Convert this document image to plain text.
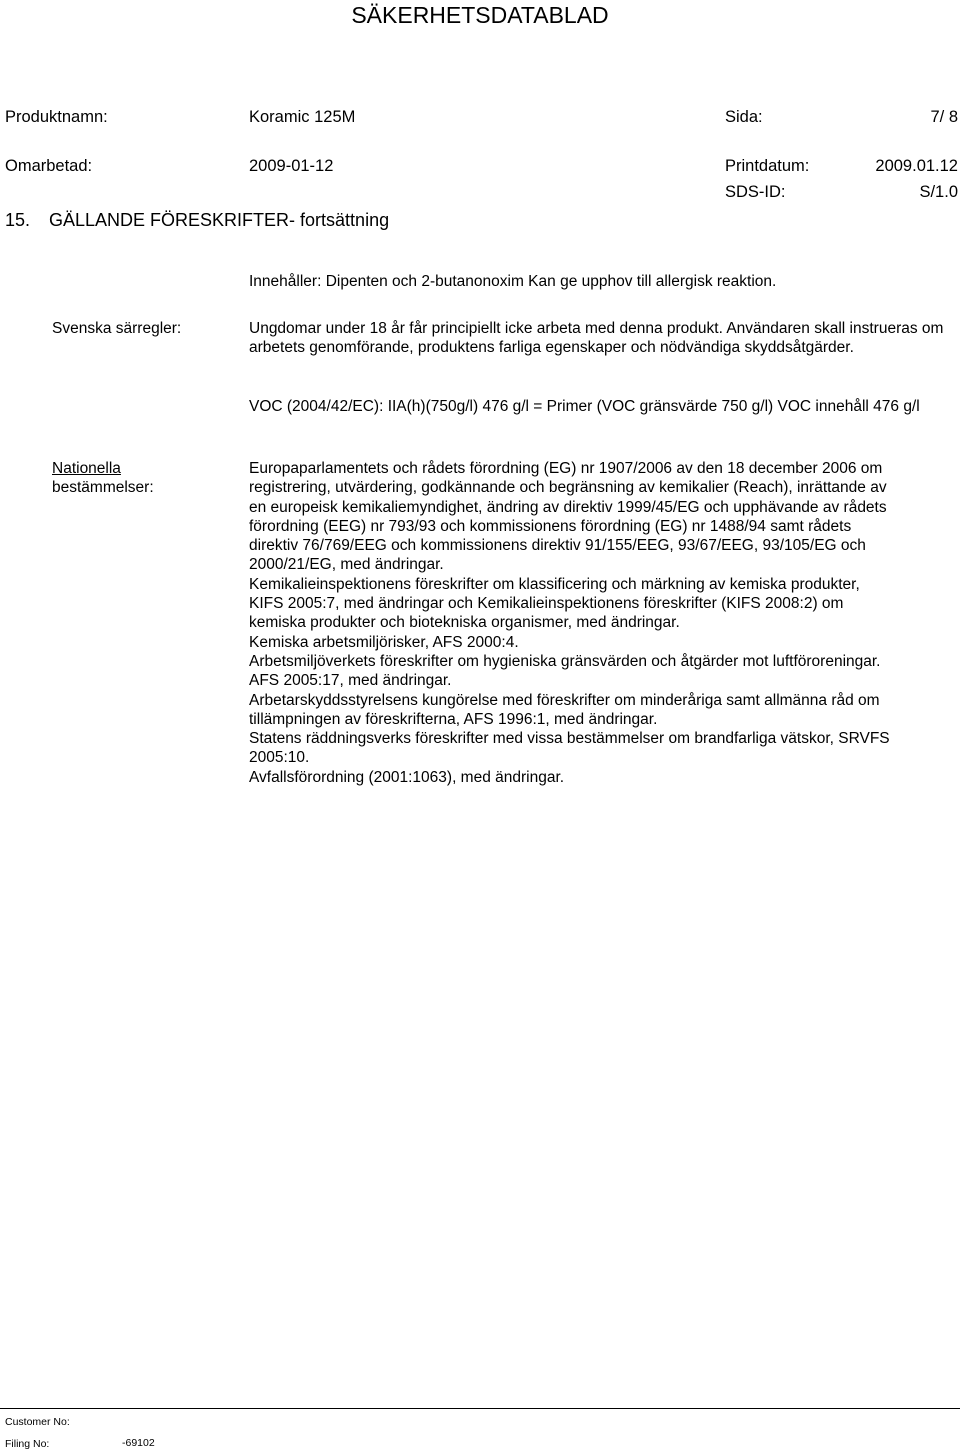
SÄKERHETSDATABLAD
Produktnamn:	Koramic 125M	Sida:	7/ 8
Omarbetad:	2009-01-12	Printdatum:	2009.01.12
SDS-ID:	S/1.0
15. GÄLLANDE FÖRESKRIFTER- fortsättning
Innehåller: Dipenten och 2-butanonoxim Kan ge upphov till allergisk reaktion.
Svenska särregler:	Ungdomar under 18 år får principiellt icke arbeta med denna produkt. Användaren skall instrueras om arbetets genomförande, produktens farliga egenskaper och nödvändiga skyddsåtgärder.
VOC (2004/42/EC): IIA(h)(750g/l) 476 g/l = Primer (VOC gränsvärde 750 g/l) VOC innehåll 476 g/l
Nationella
bestämmelser:
Europaparlamentets och rådets förordning (EG) nr 1907/2006 av den 18 december 2006 om
registrering, utvärdering, godkännande och begränsning av kemikalier (Reach), inrättande av
en europeisk kemikaliemyndighet, ändring av direktiv 1999/45/EG och upphävande av rådets
förordning (EEG) nr 793/93 och kommissionens förordning (EG) nr 1488/94 samt rådets
direktiv 76/769/EEG och kommissionens direktiv 91/155/EEG, 93/67/EEG, 93/105/EG och
2000/21/EG, med ändringar.
Kemikalieinspektionens föreskrifter om klassificering och märkning av kemiska produkter,
KIFS 2005:7, med ändringar och Kemikalieinspektionens föreskrifter (KIFS 2008:2) om
kemiska produkter och biotekniska organismer, med ändringar.
Kemiska arbetsmiljörisker, AFS 2000:4.
Arbetsmiljöverkets föreskrifter om hygieniska gränsvärden och åtgärder mot luftföroreningar.
AFS 2005:17, med ändringar.
Arbetarskyddsstyrelsens kungörelse med föreskrifter om minderåriga samt allmänna råd om
tillämpningen av föreskrifterna, AFS 1996:1, med ändringar.
Statens räddningsverks föreskrifter med vissa bestämmelser om brandfarliga vätskor, SRVFS
2005:10.
Avfallsförordning (2001:1063), med ändringar.
Customer No:
Filing No:	-69102
